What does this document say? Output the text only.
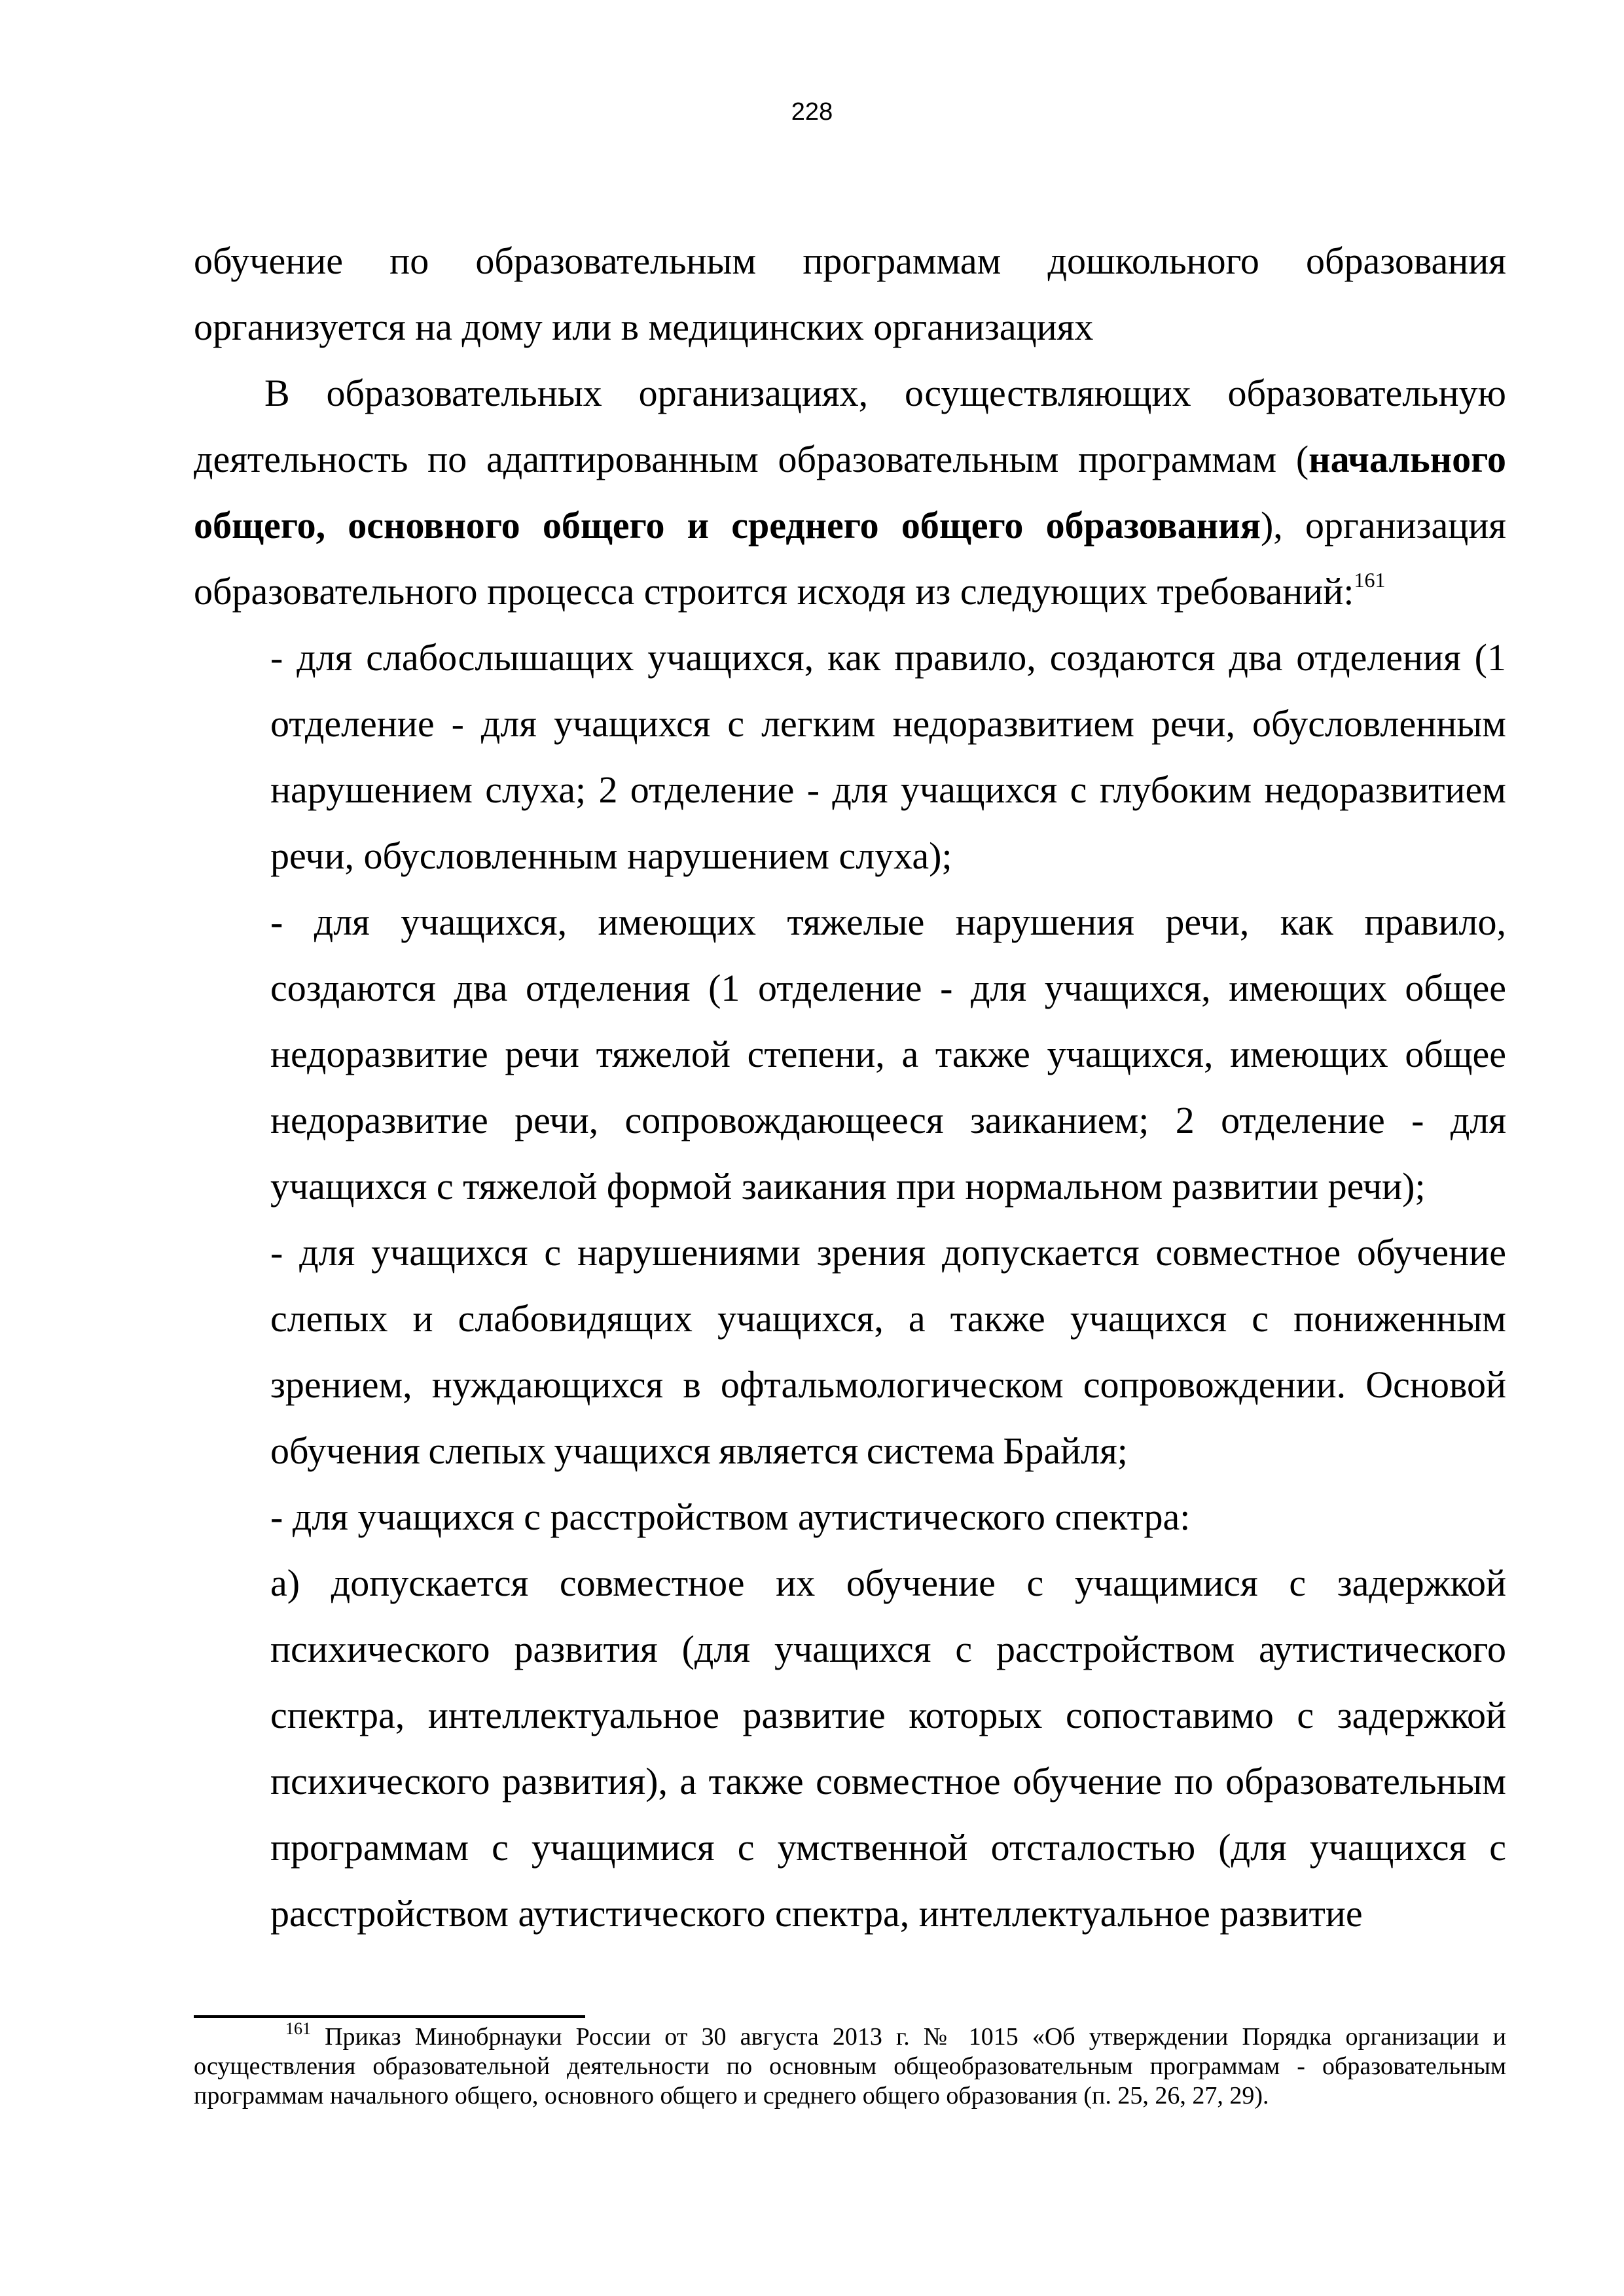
228

обучение по образовательным программам дошкольного образования организуется на дому или в медицинских организациях

В образовательных организациях, осуществляющих образовательную деятельность по адаптированным образовательным программам (начального общего, основного общего и среднего общего образования), организация образовательного процесса строится исходя из следующих требований:$^{161}$

- для слабослышащих учащихся, как правило, создаются два отделения (1 отделение - для учащихся с легким недоразвитием речи, обусловленным нарушением слуха; 2 отделение - для учащихся с глубоким недоразвитием речи, обусловленным нарушением слуха);

- для учащихся, имеющих тяжелые нарушения речи, как правило, создаются два отделения (1 отделение - для учащихся, имеющих общее недоразвитие речи тяжелой степени, а также учащихся, имеющих общее недоразвитие речи, сопровождающееся заиканием; 2 отделение - для учащихся с тяжелой формой заикания при нормальном развитии речи);

- для учащихся с нарушениями зрения допускается совместное обучение слепых и слабовидящих учащихся, а также учащихся с пониженным зрением, нуждающихся в офтальмологическом сопровождении. Основой обучения слепых учащихся является система Брайля;

- для учащихся с расстройством аутистического спектра:

а) допускается совместное их обучение с учащимися с задержкой психического развития (для учащихся с расстройством аутистического спектра, интеллектуальное развитие которых сопоставимо с задержкой психического развития), а также совместное обучение по образовательным программам с учащимися с умственной отсталостью (для учащихся с расстройством аутистического спектра, интеллектуальное развитие

$^{161}$ Приказ Минобрнауки России от 30 августа 2013 г. № 1015 «Об утверждении Порядка организации и осуществления образовательной деятельности по основным общеобразовательным программам - образовательным программам начального общего, основного общего и среднего общего образования (п. 25, 26, 27, 29).
